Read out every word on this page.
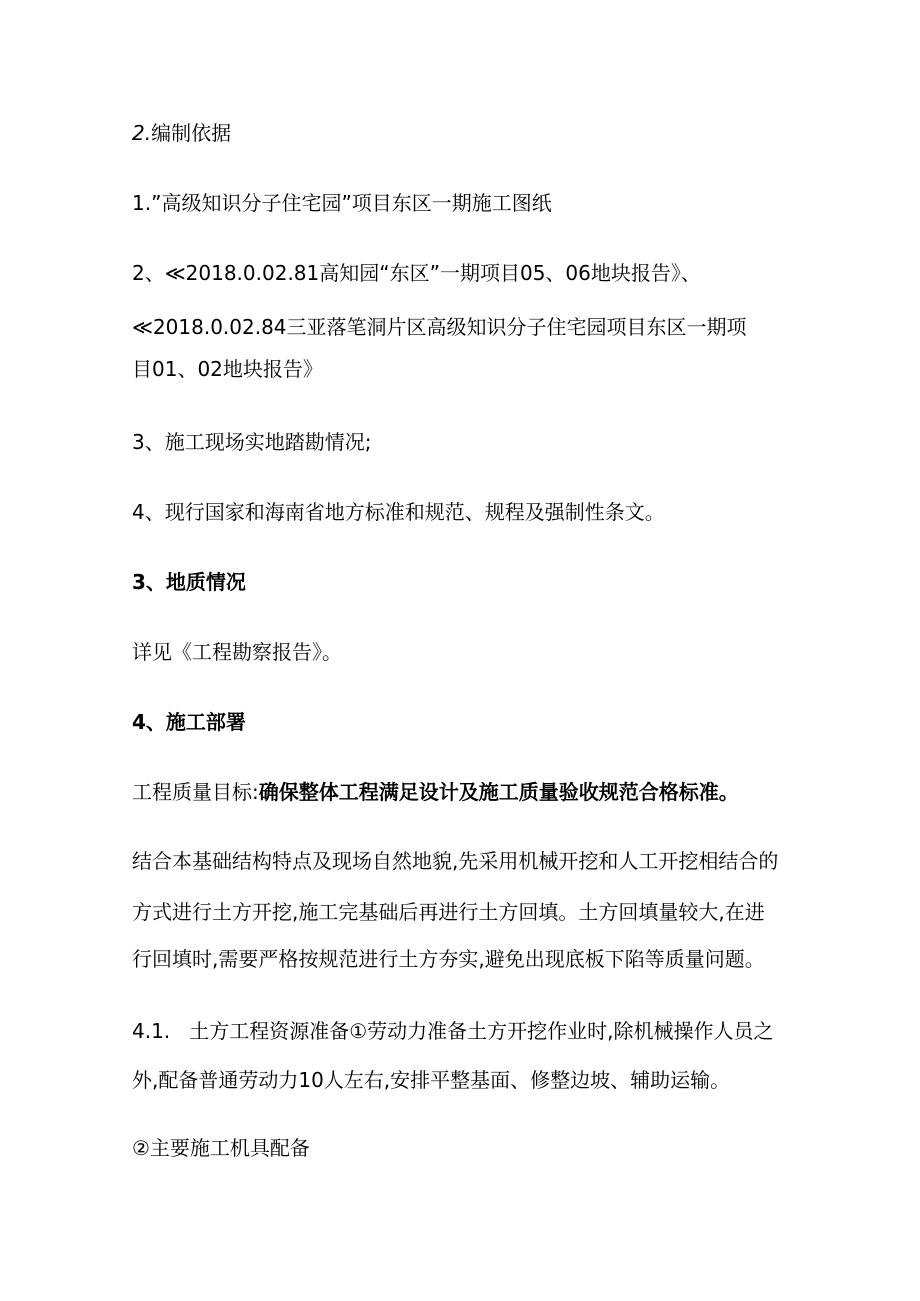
2.编制依据
1.”高级知识分子住宅园”项目东区一期施工图纸
2、≪2018.0.02.81高知园“东区”一期项目05、06地块报告》、
≪2018.0.02.84三亚落笔洞片区高级知识分子住宅园项目东区一期项
目01、02地块报告》
3、施工现场实地踏勘情况;
4、现行国家和海南省地方标准和规范、规程及强制性条文。
3、地质情况
详见《工程勘察报告》。
4、施工部署
工程质量目标:确保整体工程满足设计及施工质量验收规范合格标准。
结合本基础结构特点及现场自然地貌,先采用机械开挖和人工开挖相结合的
方式进行土方开挖,施工完基础后再进行土方回填。土方回填量较大,在进
行回填时,需要严格按规范进行土方夯实,避免出现底板下陷等质量问题。
4.1.   土方工程资源准备①劳动力准备土方开挖作业时,除机械操作人员之
外,配备普通劳动力10人左右,安排平整基面、修整边坡、辅助运输。
②主要施工机具配备
